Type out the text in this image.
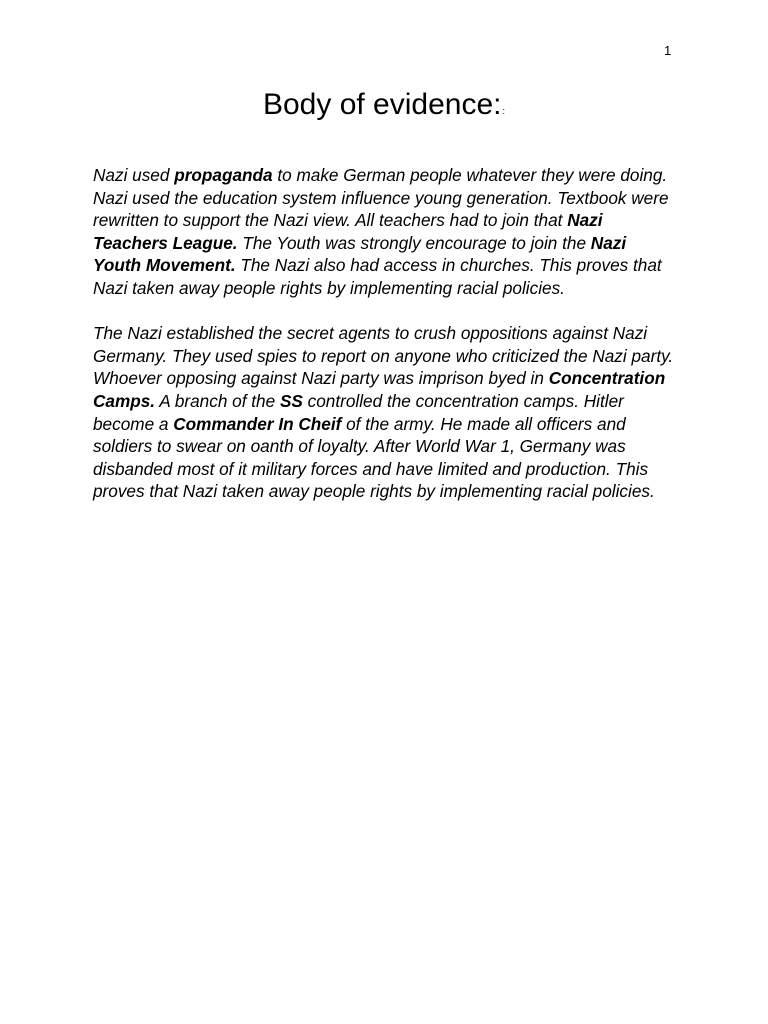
1
Body of evidence::

Nazi used propaganda to make German people whatever they were doing. Nazi used the education system influence young generation. Textbook were rewritten to support the Nazi view. All teachers had to join that Nazi Teachers League. The Youth was strongly encourage to join the Nazi Youth Movement. The Nazi also had access in churches. This proves that Nazi taken away people rights by implementing racial policies.

The Nazi established the secret agents to crush oppositions against Nazi Germany. They used spies to report on anyone who criticized the Nazi party. Whoever opposing against Nazi party was imprison byed in Concentration Camps. A branch of the SS controlled the concentration camps. Hitler become a Commander In Cheif of the army. He made all officers and soldiers to swear on oanth of loyalty. After World War 1, Germany was disbanded most of it military forces and have limited and production. This proves that Nazi taken away people rights by implementing racial policies.
